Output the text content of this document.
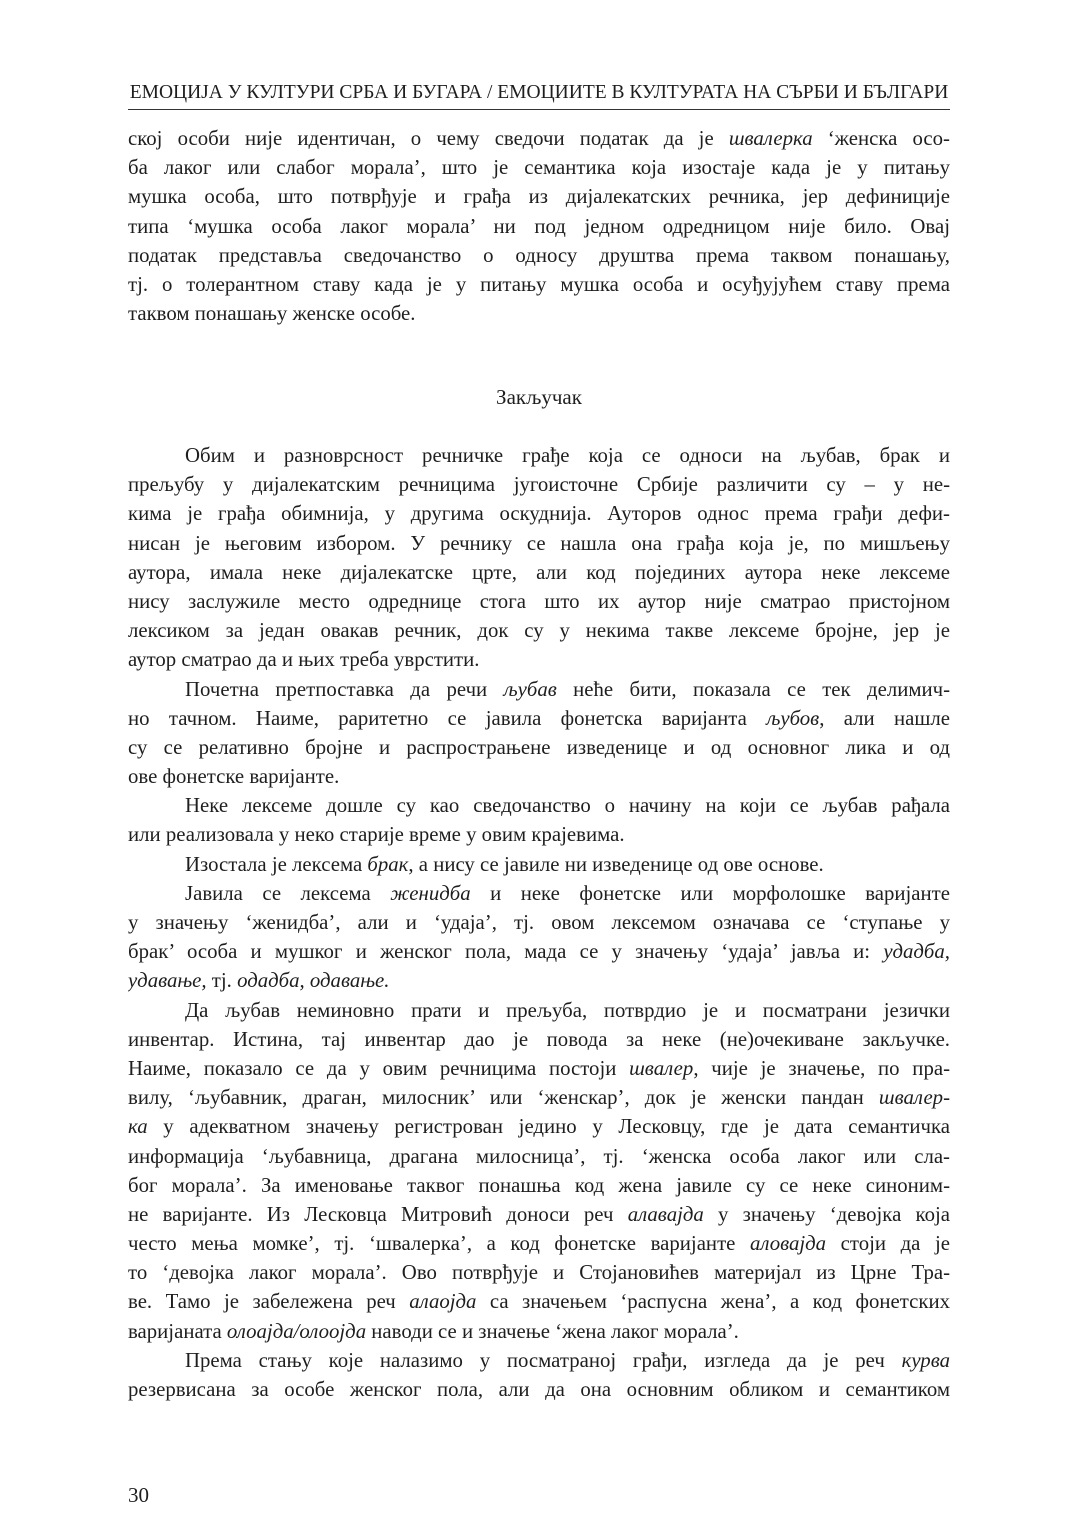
ЕМОЦИЈА У КУЛТУРИ СРБА И БУГАРА / ЕМОЦИИТЕ В КУЛТУРАТА НА СЪРБИ И БЪЛГАРИ
ској особи није идентичан, о чему сведочи податак да је швалерка ‘женска осо-
ба лаког или слабог морала’, што је семантика која изостаје када је у питању
мушка особа, што потврђује и грађа из дијалекатских речника, јер дефиниције
типа ‘мушка особа лаког морала’ ни под једном одредницом није било. Овај
податак представља сведочанство о односу друштва према таквом понашању,
тј. о толерантном ставу када је у питању мушка особа и осуђујућем ставу према
таквом понашању женске особе.
Закључак
Обим и разноврсност речничке грађе која се односи на љубав, брак и
прељубу у дијалекатским речницима југоисточне Србије различити су – у не-
кима је грађа обимнија, у другима оскуднија. Ауторов однос према грађи дефи-
нисан је његовим избором. У речнику се нашла она грађа која је, по мишљењу
аутора, имала неке дијалекатске црте, али код појединих аутора неке лексеме
нису заслужиле место одреднице стога што их аутор није сматрао пристојном
лексиком за један овакав речник, док су у некима такве лексеме бројне, јер је
аутор сматрао да и њих треба уврстити.
Почетна претпоставка да речи љубав неће бити, показала се тек делимич-
но тачном. Наиме, раритетно се јавила фонетска варијанта љубов, али нашле
су се релативно бројне и распрострањене изведенице и од основног лика и од
ове фонетске варијанте.
Неке лексеме дошле су као сведочанство о начину на који се љубав рађала
или реализовала у неко старије време у овим крајевима.
Изостала је лексема брак, а нису се јавиле ни изведенице од ове основе.
Јавила се лексема женидба и неке фонетске или морфолошке варијанте
у значењу ‘женидба’, али и ‘удаја’, тј. овом лексемом означава се ‘ступање у
брак’ особа и мушког и женског пола, мада се у значењу ‘удаја’ јавља и: удадба,
удавање, тј. одадба, одавање.
Да љубав неминовно прати и прељуба, потврдио је и посматрани језички
инвентар. Истина, тај инвентар дао је повода за неке (не)очекиване закључке.
Наиме, показало се да у овим речницима постоји швалер, чије је значење, по пра-
вилу, ‘љубавник, драган, милосник’ или ‘женскар’, док је женски пандан швалер-
ка у адекватном значењу регистрован једино у Лесковцу, где је дата семантичка
информација ‘љубавница, драгана милосница’, тј. ‘женска особа лаког или сла-
бог морала’. За именовање таквог понашња код жена јавиле су се неке синоним-
не варијанте. Из Лесковца Митровић доноси реч алавајда у значењу ‘девојка која
често мења момке’, тј. ‘швалерка’, а код фонетске варијанте аловајда стоји да је
то ‘девојка лаког морала’. Ово потврђује и Стојановићев материјал из Црне Тра-
ве. Тамо је забележена реч алаојда са значењем ‘распусна жена’, а код фонетских
варијаната олоајда/олоојда наводи се и значење ‘жена лаког морала’.
Према стању које налазимо у посматраној грађи, изгледа да је реч курва
резервисана за особе женског пола, али да она основним обликом и семантиком
30
